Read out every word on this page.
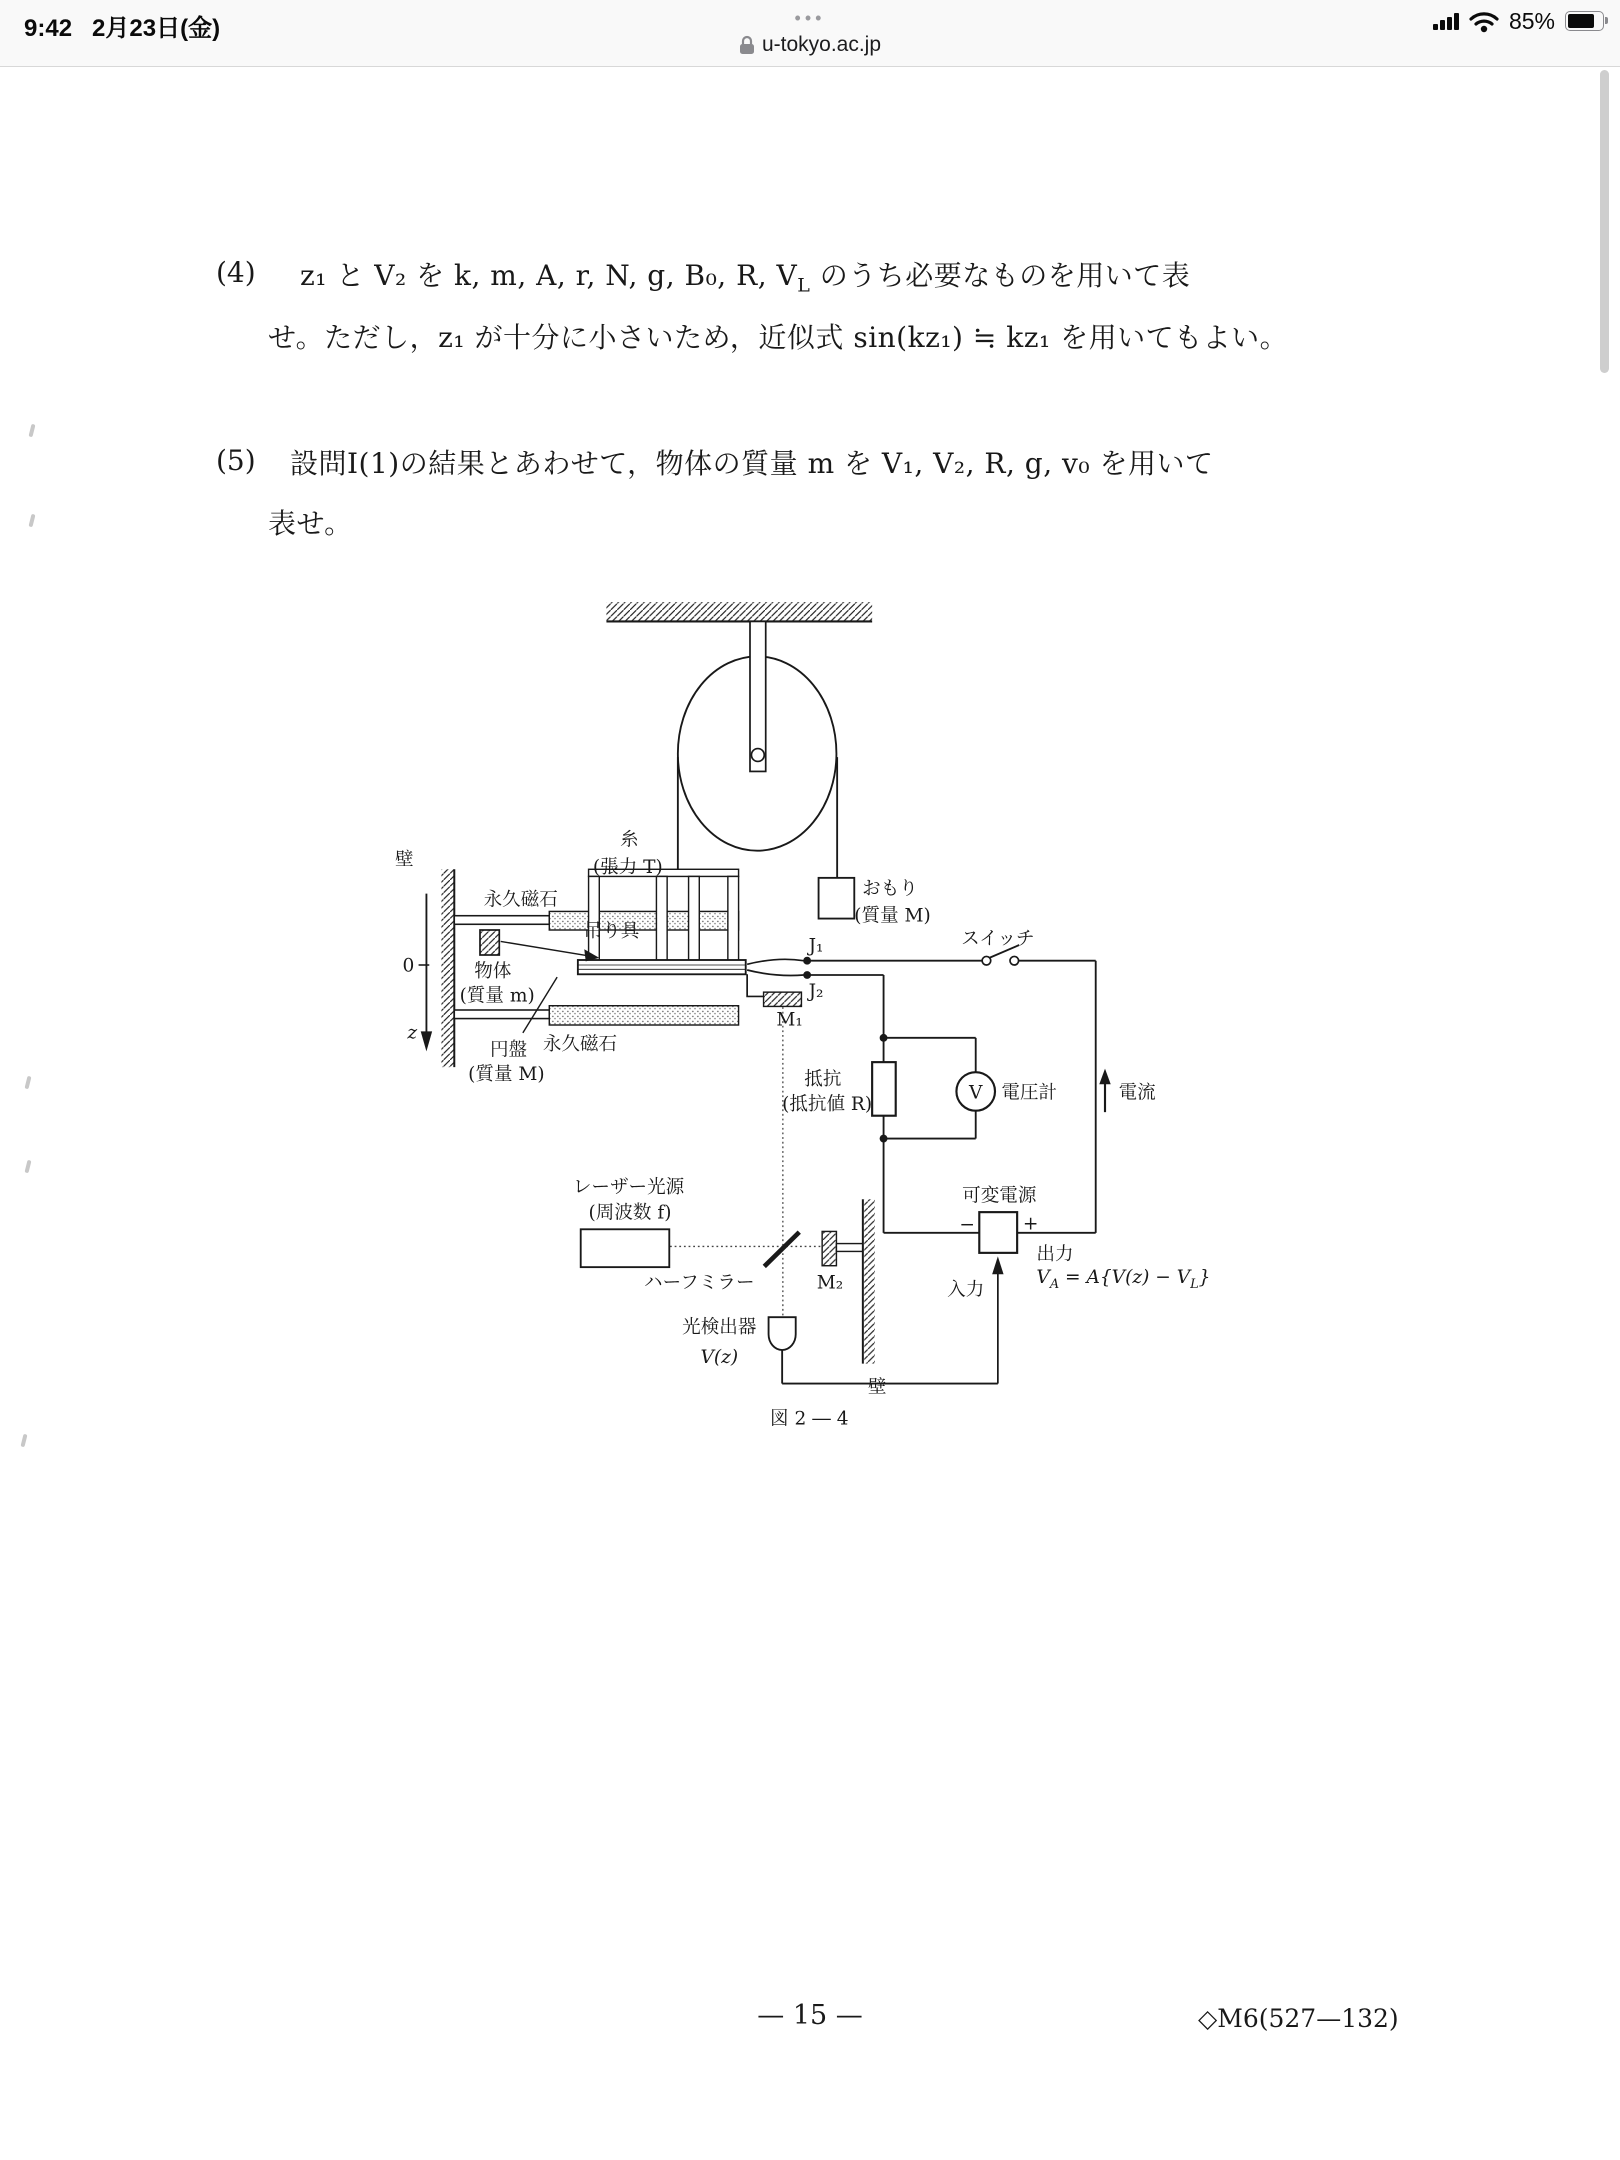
9:42 2月23日(金)	•••	85%
u-tokyo.ac.jp
(4) z₁ と V₂ を k, m, A, r, N, g, B₀, R, $V_L$ のうち必要なものを用いて表
せ。ただし，z₁ が十分に小さいため，近似式 sin(kz₁) ≒ kz₁ を用いてもよい。
(5) 設問Ⅰ(1)の結果とあわせて，物体の質量 m を V₁, V₂, R, g, v₀ を用いて
表せ。
壁
永久磁石
糸
(張力 T)
吊り具
おもり
(質量 M)
物体
(質量 m)
円盤
(質量 M)
永久磁石
0
z
J₁
J₂
M₁
スイッチ
抵抗
(抵抗値 R)
V 電圧計 電流
可変電源
− +
出力
$V_A = A\{V(z) - V_L\}$
入力
レーザー光源
(周波数 f)
ハーフミラー M₂
壁
光検出器
V(z)
図 2 ― 4
— 15 —	◇M6(527—132)
